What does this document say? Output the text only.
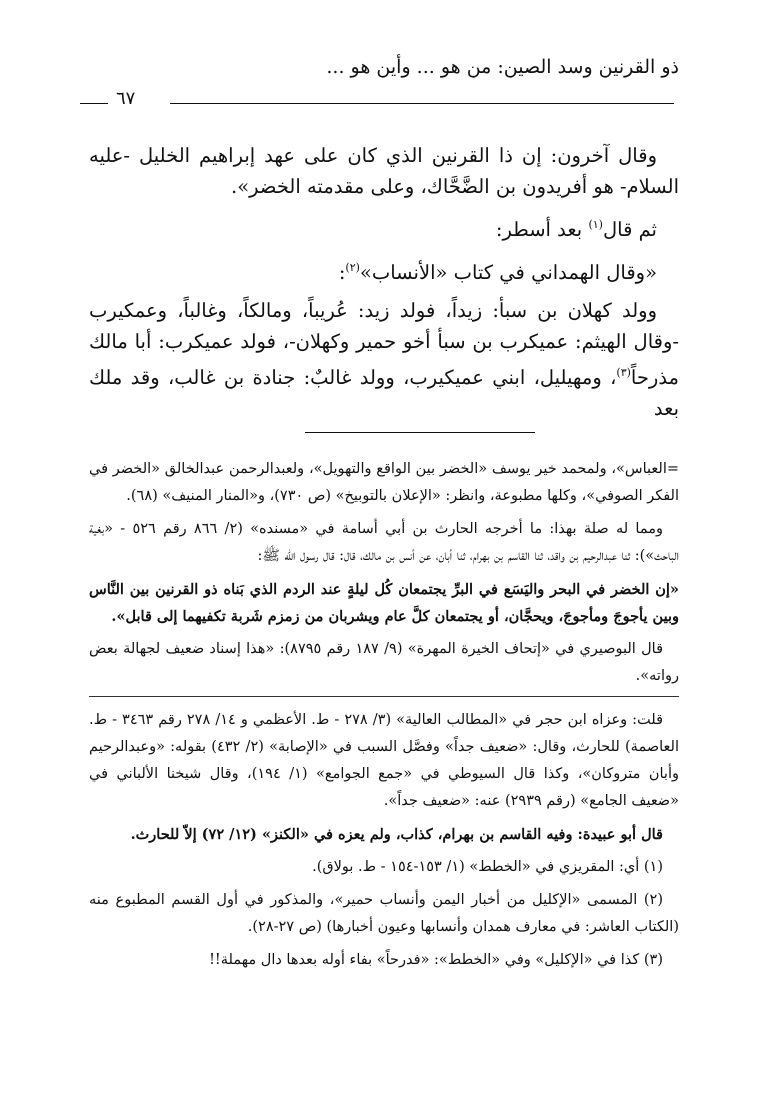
ذو القرنين وسد الصين: من هو ... وأين هو ...
٦٧

وقال آخرون: إن ذا القرنين الذي كان على عهد إبراهيم الخليل -عليه السلام- هو أفريدون بن الضَّحَّاك، وعلى مقدمته الخضر».

ثم قال$^{(١)}$ بعد أسطر:

«وقال الهمداني في كتاب «الأنساب»$^{(٢)}$:

وولد كهلان بن سبأ: زيداً، فولد زيد: عُريباً، ومالكاً، وغالباً، وعمكيرب -وقال الهيثم: عميكرب بن سبأ أخو حمير وكهلان-، فولد عميكرب: أبا مالك مذرحاً$^{(٣)}$، ومهيليل، ابني عميكيرب، وولد غالبٌ: جنادة بن غالب، وقد ملك بعد

=العباس»، ولمحمد خير يوسف «الخضر بين الواقع والتهويل»، ولعبدالرحمن عبدالخالق «الخضر في الفكر الصوفي»، وكلها مطبوعة، وانظر: «الإعلان بالتوبيخ» (ص ٧٣٠)، و«المنار المنيف» (٦٨).

ومما له صلة بهذا: ما أخرجه الحارث بن أبي أسامة في «مسنده» (٢/ ٨٦٦ رقم ٥٢٦ - «بغية الباحث»): ثنا عبدالرحيم بن واقد، ثنا القاسم بن بهرام، ثنا أبان، عن أنس بن مالك، قال: قال رسول الله ﷺ:

«إن الخضر في البحر واليَسَع في البرِّ يجتمعان كُل ليلةٍ عند الردم الذي بَناه ذو القرنين بين النَّاس وبين يأجوجَ ومأجوجَ، ويحجَّان، أو يجتمعان كلَّ عام ويشربان من زمزم شَربة تكفيهما إلى قابل».

قال البوصيري في «إتحاف الخيرة المهرة» (٩/ ١٨٧ رقم ٨٧٩٥): «هذا إسناد ضعيف لجهالة بعض رواته».

قلت: وعزاه ابن حجر في «المطالب العالية» (٣/ ٢٧٨ - ط. الأعظمي و ١٤/ ٢٧٨ رقم ٣٤٦٣ - ط. العاصمة) للحارث، وقال: «ضعيف جداً» وفصَّل السبب في «الإصابة» (٢/ ٤٣٢) بقوله: «وعبدالرحيم وأبان متروكان»، وكذا قال السيوطي في «جمع الجوامع» (١/ ١٩٤)، وقال شيخنا الألباني في «ضعيف الجامع» (رقم ٢٩٣٩) عنه: «ضعيف جداً».

قال أبو عبيدة: وفيه القاسم بن بهرام، كذاب، ولم يعزه في «الكنز» (١٢/ ٧٢) إلاّ للحارث.

(١) أي: المقريزي في «الخطط» (١/ ١٥٣-١٥٤ - ط. بولاق).

(٢) المسمى «الإكليل من أخبار اليمن وأنساب حمير»، والمذكور في أول القسم المطبوع منه (الكتاب العاشر: في معارف همدان وأنسابها وعيون أخبارها) (ص ٢٧-٢٨).

(٣) كذا في «الإكليل» وفي «الخطط»: «فدرحاً» بفاء أوله بعدها دال مهملة!!
